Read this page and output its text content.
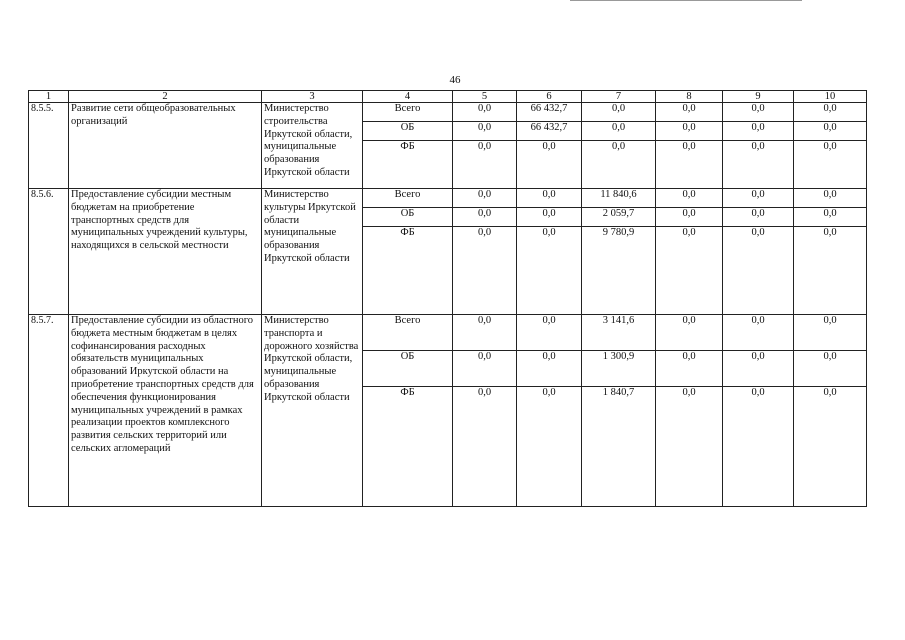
46
1	2	3	4	5	6	7	8	9	10
8.5.5.	Развитие сети общеобразовательных организаций	Министерство строительства Иркутской области, муниципальные образования Иркутской области	Всего	0,0	66 432,7	0,0	0,0	0,0	0,0
			ОБ	0,0	66 432,7	0,0	0,0	0,0	0,0
			ФБ	0,0	0,0	0,0	0,0	0,0	0,0
8.5.6.	Предоставление субсидии местным бюджетам на приобретение транспортных средств для муниципальных учреждений культуры, находящихся в сельской местности	Министерство культуры Иркутской области муниципальные образования Иркутской области	Всего	0,0	0,0	11 840,6	0,0	0,0	0,0
			ОБ	0,0	0,0	2 059,7	0,0	0,0	0,0
			ФБ	0,0	0,0	9 780,9	0,0	0,0	0,0
8.5.7.	Предоставление субсидии из областного бюджета местным бюджетам в целях софинансирования расходных обязательств муниципальных образований Иркутской области на приобретение транспортных средств для обеспечения функционирования муниципальных учреждений в рамках реализации проектов комплексного развития сельских территорий или сельских агломераций	Министерство транспорта и дорожного хозяйства Иркутской области, муниципальные образования Иркутской области	Всего	0,0	0,0	3 141,6	0,0	0,0	0,0
			ОБ	0,0	0,0	1 300,9	0,0	0,0	0,0
			ФБ	0,0	0,0	1 840,7	0,0	0,0	0,0
